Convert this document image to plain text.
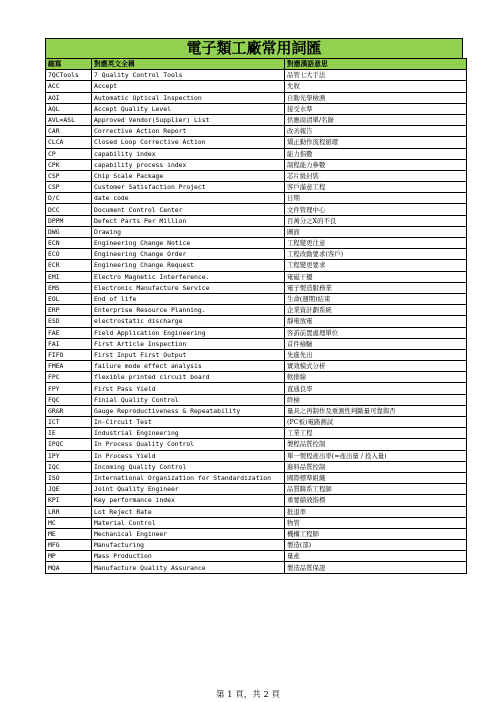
電子類工廠常用詞匯
縮寫	對應英文全稱	對應漢語意思
7QCTools	7 Quality Control Tools	品管七大手法
ACC	Accept	允收
AOI	Automatic Optical Inspection	自動光學檢測
AQL	Accept Quality Level	接受水準
AVL=ASL	Approved Vendor(Supplier) List	供應商清單/名錄
CAR	Corrective Action Report	改善報告
CLCA	Closed Loop Corrective Action	矯正動作流程循環
CP	capability index	能力指數
CPK	capability process index	制程能力參數
CSP	Chip Scale Package	芯片級封裝
CSP	Customer Satisfaction Project	客戶滿意工程
D/C	date code	日期
DCC	Document Control Center	文件管理中心
DPPM	Defect Parts Per Million	百萬分之X的不良
DWG	Drawing	圖面
ECN	Engineering Change Notice	工程變更注意
ECO	Engineering Change Order	工程改動要求(客戶)
ECR	Engineering Change Request	工程變更要求
EMI	Electro Magnetic Interference.	電磁干擾
EMS	Electronic Manufacture Service	電子製造服務業
EOL	End of life	生命(週期)結束
ERP	Enterprise Resource Planning.	企業資計劃系統
ESD	electrostatic discharge	靜電放電
FAE	Field Application Engineering	客訴前置處理單位
FAI	First Article Inspection	首件檢驗
FIFO	First Input First Output	先進先出
FMEA	failure mode effect analysis	實效模式分析
FPC	flexible printed circuit board	軟排線
FPY	First Pass Yield	直通良率
FQC	Finial Quality Control	終檢
GR&R	Gauge Reproductiveness & Repeatability	量具之再制作及重測性判斷量可靠與否
ICT	In-Circuit Test	(PC板)電路測試
IE	Industrial Engineering	工業工程
IPQC	In Process Quality Control	製程品質控制
IPY	In Process Yield	單一製程產出率(=產出量 / 投入量)
IQC	Incoming Quality Control	進料品質控制
ISO	International Organization for Standardization	國際標準組織
JQE	Joint Quality Engineer	品質聯系工程師
KPI	Key performance index	重要績效指標
LRR	Lot Reject Rate	批退率
MC	Material Control	物管
ME	Mechanical Engineer	機構工程師
MFG	Manufacturing	製造(部)
MP	Mass Production	量產
MQA	Manufacture Quality Assurance	製造品質保證
第 1 頁，共 2 頁
